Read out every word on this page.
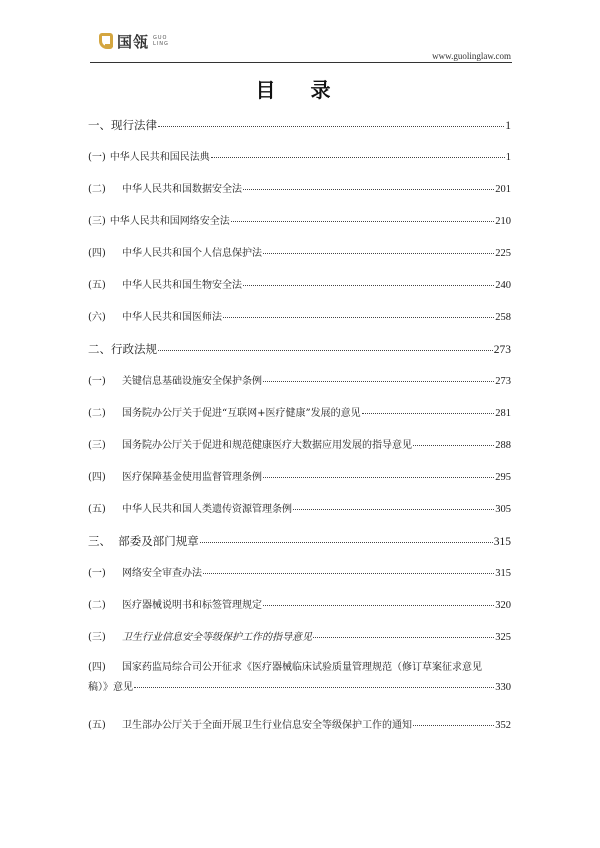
国瓴 GUO
LING
www.guolinglaw.com
目 录
一、现行法律	1
(一) 中华人民共和国民法典	1
(二)	中华人民共和国数据安全法	201
(三) 中华人民共和国网络安全法	210
(四)	中华人民共和国个人信息保护法	225
(五)	中华人民共和国生物安全法	240
(六)	中华人民共和国医师法	258
二、行政法规	273
(一)	关键信息基础设施安全保护条例	273
(二)	国务院办公厅关于促进“互联网+医疗健康”发展的意见	281
(三)	国务院办公厅关于促进和规范健康医疗大数据应用发展的指导意见	288
(四)	医疗保障基金使用监督管理条例	295
(五)	中华人民共和国人类遗传资源管理条例	305
三、  部委及部门规章	315
(一)	网络安全审查办法	315
(二)	医疗器械说明书和标签管理规定	320
(三)	卫生行业信息安全等级保护工作的指导意见	325
(四) 国家药监局综合司公开征求《医疗器械临床试验质量管理规范（修订草案征求意见
稿）》意见	330
(五)	卫生部办公厅关于全面开展卫生行业信息安全等级保护工作的通知	352
